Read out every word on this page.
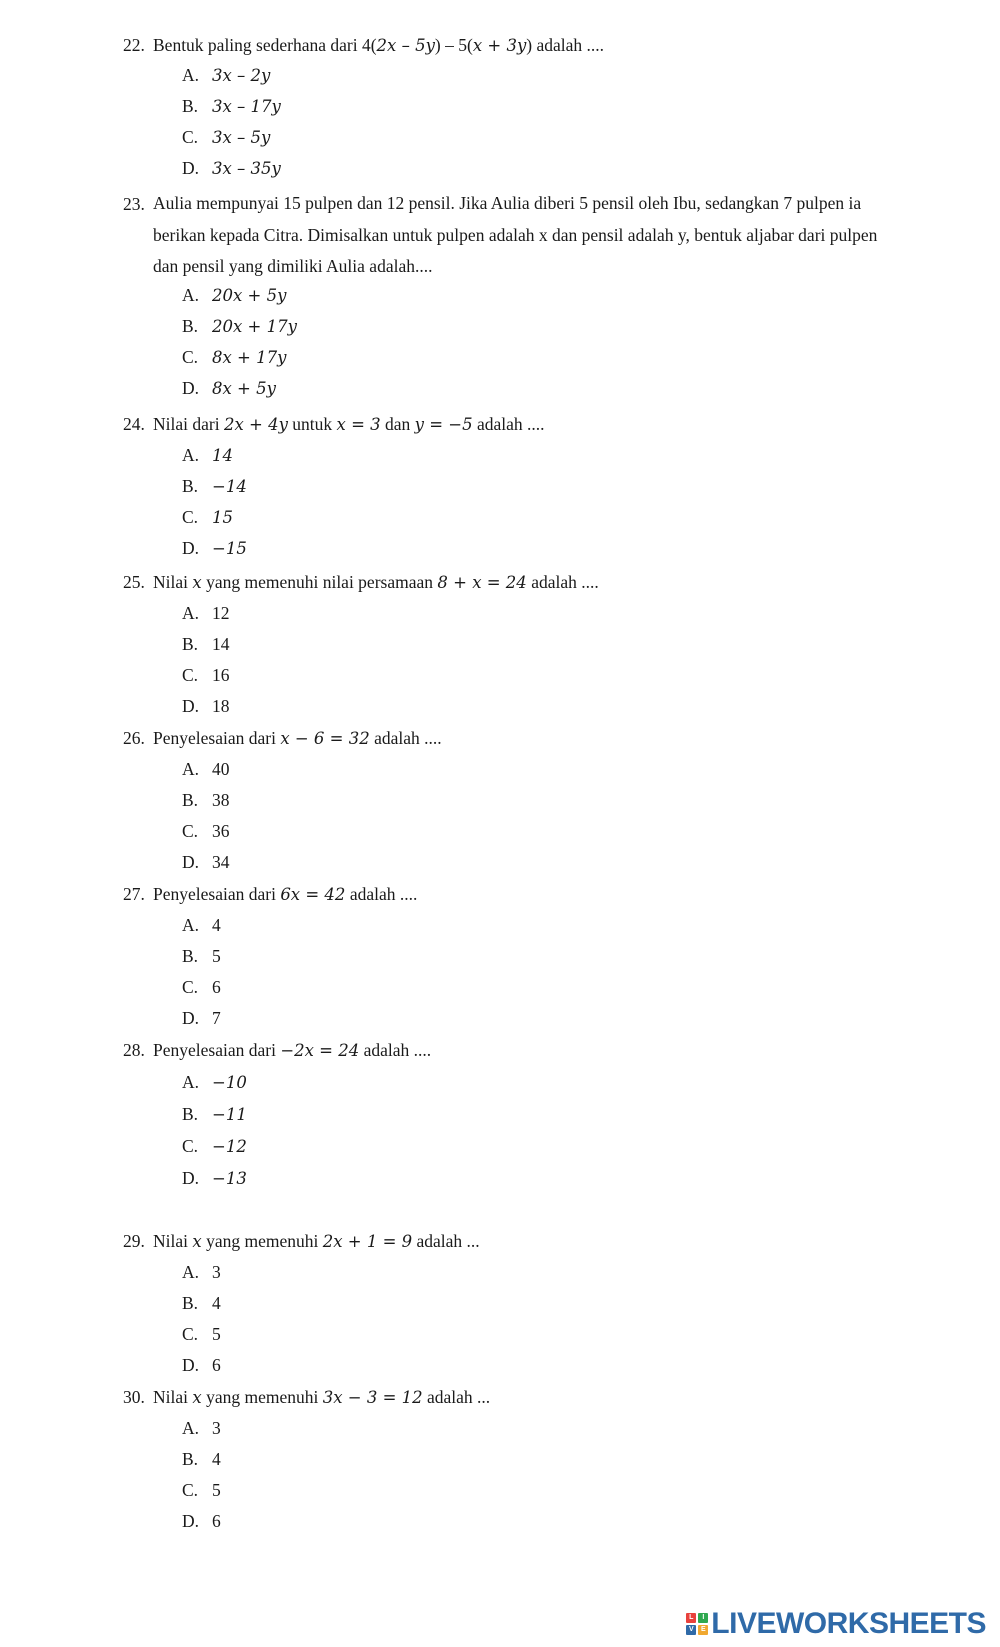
22. Bentuk paling sederhana dari 4(2x – 5y) – 5(x + 3y) adalah ....
A. 3x – 2y
B. 3x – 17y
C. 3x – 5y
D. 3x – 35y
23. Aulia mempunyai 15 pulpen dan 12 pensil. Jika Aulia diberi 5 pensil oleh Ibu, sedangkan 7 pulpen ia berikan kepada Citra. Dimisalkan untuk pulpen adalah x dan pensil adalah y, bentuk aljabar dari pulpen dan pensil yang dimiliki Aulia adalah....
A. 20x + 5y
B. 20x + 17y
C. 8x + 17y
D. 8x + 5y
24. Nilai dari 2x + 4y untuk x = 3 dan y = −5 adalah ....
A. 14
B. −14
C. 15
D. −15
25. Nilai x yang memenuhi nilai persamaan 8 + x = 24 adalah ....
A. 12
B. 14
C. 16
D. 18
26. Penyelesaian dari x − 6 = 32 adalah ....
A. 40
B. 38
C. 36
D. 34
27. Penyelesaian dari 6x = 42 adalah ....
A. 4
B. 5
C. 6
D. 7
28. Penyelesaian dari −2x = 24 adalah ....
A. −10
B. −11
C. −12
D. −13
29. Nilai x yang memenuhi 2x + 1 = 9 adalah ...
A. 3
B. 4
C. 5
D. 6
30. Nilai x yang memenuhi 3x − 3 = 12 adalah ...
A. 3
B. 4
C. 5
D. 6
L	I
V	E LIVEWORKSHEETS
